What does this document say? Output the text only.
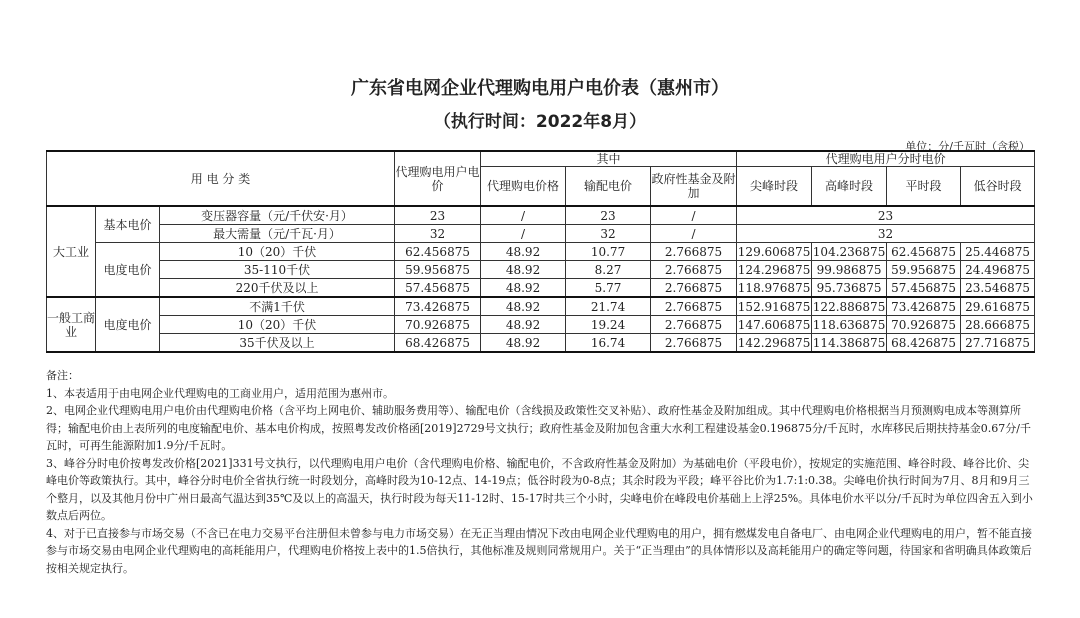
广东省电网企业代理购电用户电价表（惠州市）
（执行时间：2022年8月）
单位：分/千瓦时（含税）
用 电 分 类			代理购电用户电价	其中			代理购电用户分时电价			
				代理购电价格	输配电价	政府性基金及附加	尖峰时段	高峰时段	平时段	低谷时段
大工业	基本电价	变压器容量（元/千伏安·月）	23	/	23	/	23			
		最大需量（元/千瓦·月）	32	/	32	/	32			
	电度电价	10（20）千伏	62.456875	48.92	10.77	2.766875	129.606875	104.236875	62.456875	25.446875
		35-110千伏	59.956875	48.92	8.27	2.766875	124.296875	99.986875	59.956875	24.496875
		220千伏及以上	57.456875	48.92	5.77	2.766875	118.976875	95.736875	57.456875	23.546875
一般工商业	电度电价	不满1千伏	73.426875	48.92	21.74	2.766875	152.916875	122.886875	73.426875	29.616875
		10（20）千伏	70.926875	48.92	19.24	2.766875	147.606875	118.636875	70.926875	28.666875
		35千伏及以上	68.426875	48.92	16.74	2.766875	142.296875	114.386875	68.426875	27.716875

备注：

1、本表适用于由电网企业代理购电的工商业用户，适用范围为惠州市。

2、电网企业代理购电用户电价由代理购电价格（含平均上网电价、辅助服务费用等）、输配电价（含线损及政策性交叉补贴）、政府性基金及附加组成。其中代理购电价格根据当月预测购电成本等测算所得；输配电价由上表所列的电度输配电价、基本电价构成，按照粤发改价格函[2019]2729号文执行；政府性基金及附加包含重大水利工程建设基金0.196875分/千瓦时，水库移民后期扶持基金0.67分/千瓦时，可再生能源附加1.9分/千瓦时。

3、峰谷分时电价按粤发改价格[2021]331号文执行，以代理购电用户电价（含代理购电价格、输配电价，不含政府性基金及附加）为基础电价（平段电价），按规定的实施范围、峰谷时段、峰谷比价、尖峰电价等政策执行。其中，峰谷分时电价全省执行统一时段划分，高峰时段为10-12点、14-19点；低谷时段为0-8点；其余时段为平段；峰平谷比价为1.7:1:0.38。尖峰电价执行时间为7月、8月和9月三个整月，以及其他月份中广州日最高气温达到35℃及以上的高温天，执行时段为每天11-12时、15-17时共三个小时，尖峰电价在峰段电价基础上上浮25%。具体电价水平以分/千瓦时为单位四舍五入到小数点后两位。

4、对于已直接参与市场交易（不含已在电力交易平台注册但未曾参与电力市场交易）在无正当理由情况下改由电网企业代理购电的用户，拥有燃煤发电自备电厂、由电网企业代理购电的用户，暂不能直接参与市场交易由电网企业代理购电的高耗能用户，代理购电价格按上表中的1.5倍执行，其他标准及规则同常规用户。关于“正当理由”的具体情形以及高耗能用户的确定等问题，待国家和省明确具体政策后按相关规定执行。
